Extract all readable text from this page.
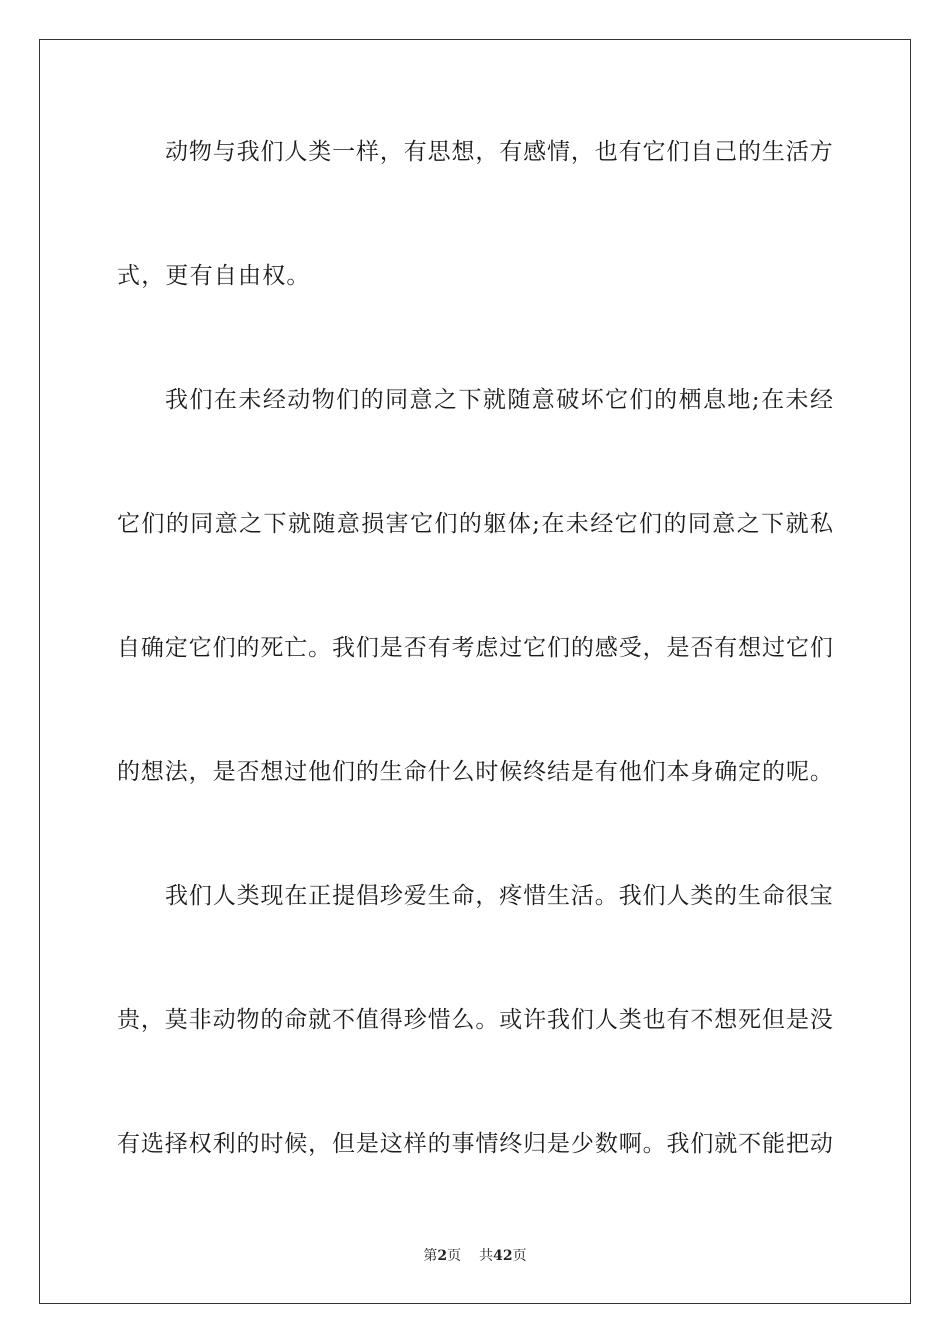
动 物 与 我 们 人 类 一 样 ， 有 思 想 ， 有 感 情 ， 也 有 它 们 自 己 的 生 活 方
式，更有自由权。
我 们 在 未 经 动 物 们 的 同 意 之 下 就 随 意 破 坏 它 们 的 栖 息 地 ; 在 未 经
它 们 的 同 意 之 下 就 随 意 损 害 它 们 的 躯 体 ; 在 未 经 它 们 的 同 意 之 下 就 私
自 确 定 它 们 的 死 亡 。 我 们 是 否 有 考 虑 过 它 们 的 感 受 ， 是 否 有 想 过 它 们
的 想 法 ， 是 否 想 过 他 们 的 生 命 什 么 时 候 终 结 是 有 他 们 本 身 确 定 的 呢 。
我 们 人 类 现 在 正 提 倡 珍 爱 生 命 ， 疼 惜 生 活 。 我 们 人 类 的 生 命 很 宝
贵 ， 莫 非 动 物 的 命 就 不 值 得 珍 惜 么 。 或 许 我 们 人 类 也 有 不 想 死 但 是 没
有 选 择 权 利 的 时 候 ， 但 是 这 样 的 事 情 终 归 是 少 数 啊 。 我 们 就 不 能 把 动
第2页 共42页
